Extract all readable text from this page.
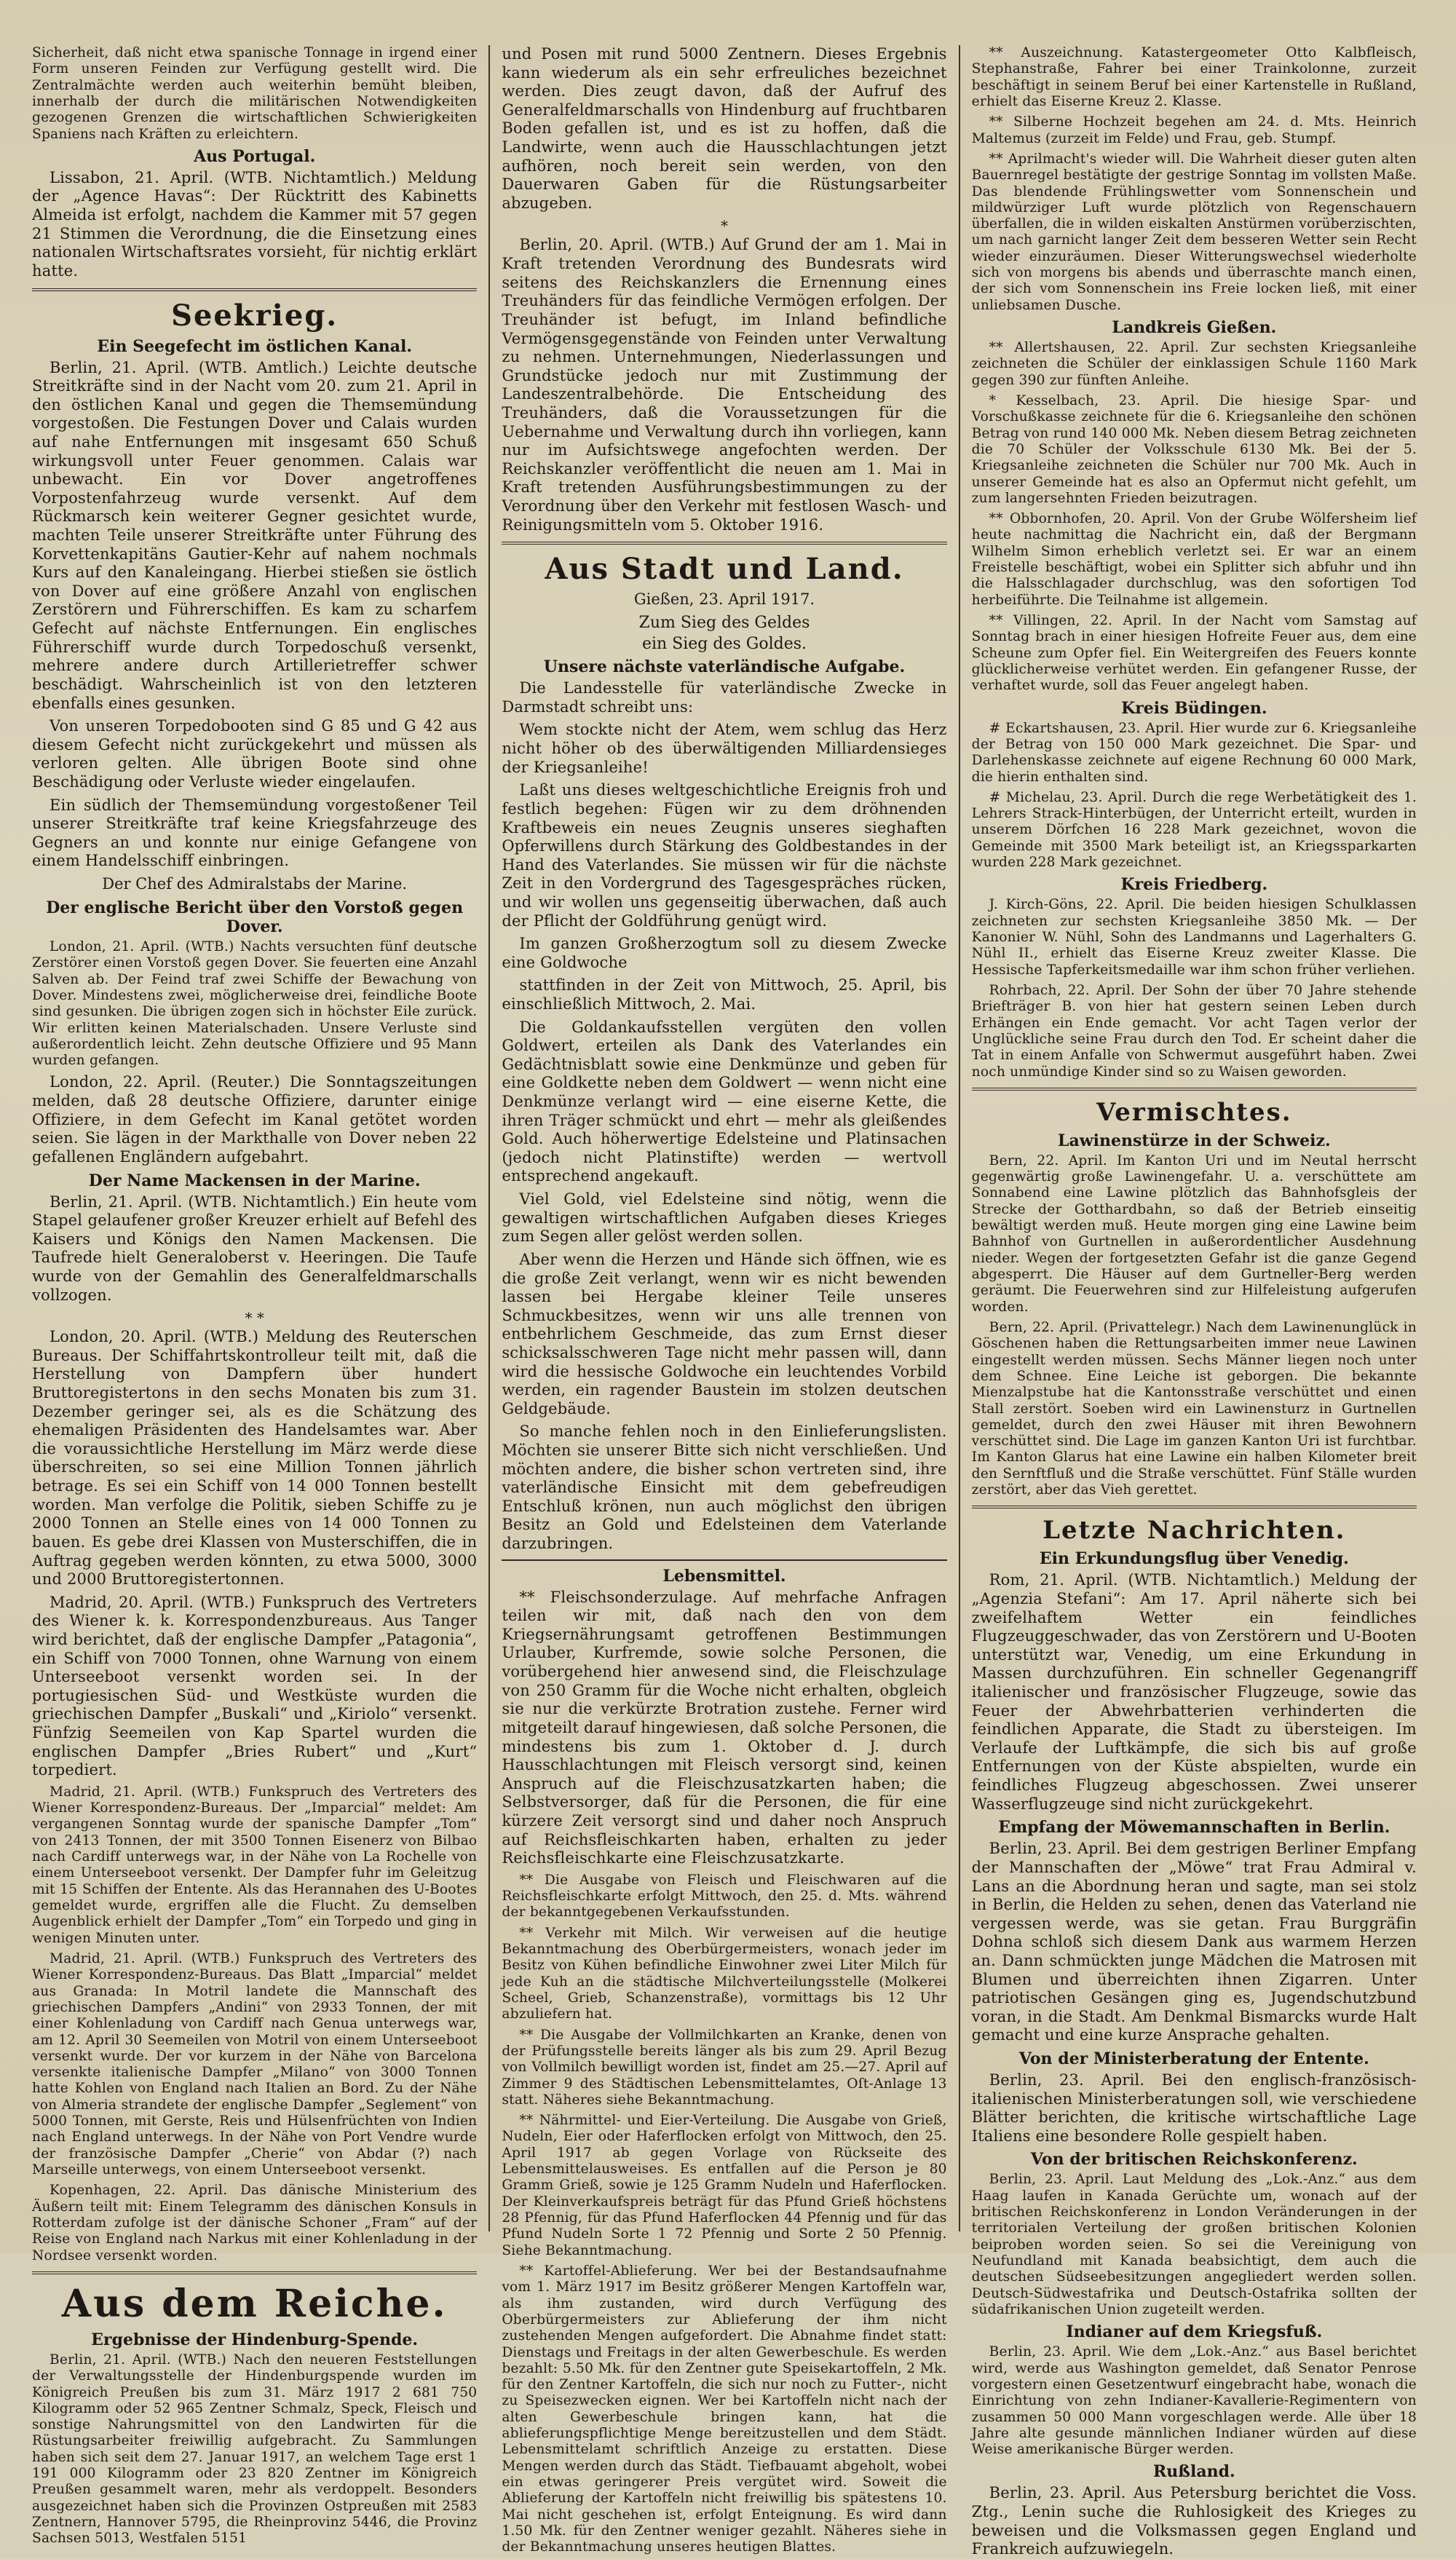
Sicherheit, daß nicht etwa spanische Tonnage in irgend einer Form unseren Feinden zur Verfügung gestellt wird. Die Zentralmächte werden auch weiterhin bemüht bleiben, innerhalb der durch die militärischen Notwendigkeiten gezogenen Grenzen die wirtschaftlichen Schwierigkeiten Spaniens nach Kräften zu erleichtern.

Aus Portugal.

Lissabon, 21. April. (WTB. Nichtamtlich.) Meldung der „Agence Havas“: Der Rücktritt des Kabinetts Almeida ist erfolgt, nachdem die Kammer mit 57 gegen 21 Stimmen die Verordnung, die die Einsetzung eines nationalen Wirtschaftsrates vorsieht, für nichtig erklärt hatte.

Seekrieg.
Ein Seegefecht im östlichen Kanal.

Berlin, 21. April. (WTB. Amtlich.) Leichte deutsche Streitkräfte sind in der Nacht vom 20. zum 21. April in den östlichen Kanal und gegen die Themsemündung vorgestoßen. Die Festungen Dover und Calais wurden auf nahe Entfernungen mit insgesamt 650 Schuß wirkungsvoll unter Feuer genommen. Calais war unbewacht. Ein vor Dover angetroffenes Vorpostenfahrzeug wurde versenkt. Auf dem Rückmarsch kein weiterer Gegner gesichtet wurde, machten Teile unserer Streitkräfte unter Führung des Korvettenkapitäns Gautier-Kehr auf nahem nochmals Kurs auf den Kanaleingang. Hierbei stießen sie östlich von Dover auf eine größere Anzahl von englischen Zerstörern und Führerschiffen. Es kam zu scharfem Gefecht auf nächste Entfernungen. Ein englisches Führerschiff wurde durch Torpedoschuß versenkt, mehrere andere durch Artillerietreffer schwer beschädigt. Wahrscheinlich ist von den letzteren ebenfalls eines gesunken.

Von unseren Torpedobooten sind G 85 und G 42 aus diesem Gefecht nicht zurückgekehrt und müssen als verloren gelten. Alle übrigen Boote sind ohne Beschädigung oder Verluste wieder eingelaufen.

Ein südlich der Themsemündung vorgestoßener Teil unserer Streitkräfte traf keine Kriegsfahrzeuge des Gegners an und konnte nur einige Gefangene von einem Handelsschiff einbringen.

Der Chef des Admiralstabs der Marine.
Der englische Bericht über den Vorstoß gegen Dover.

London, 21. April. (WTB.) Nachts versuchten fünf deutsche Zerstörer einen Vorstoß gegen Dover. Sie feuerten eine Anzahl Salven ab. Der Feind traf zwei Schiffe der Bewachung von Dover. Mindestens zwei, möglicherweise drei, feindliche Boote sind gesunken. Die übrigen zogen sich in höchster Eile zurück. Wir erlitten keinen Materialschaden. Unsere Verluste sind außerordentlich leicht. Zehn deutsche Offiziere und 95 Mann wurden gefangen.

London, 22. April. (Reuter.) Die Sonntagszeitungen melden, daß 28 deutsche Offiziere, darunter einige Offiziere, in dem Gefecht im Kanal getötet worden seien. Sie lägen in der Markthalle von Dover neben 22 gefallenen Engländern aufgebahrt.

Der Name Mackensen in der Marine.

Berlin, 21. April. (WTB. Nichtamtlich.) Ein heute vom Stapel gelaufener großer Kreuzer erhielt auf Befehl des Kaisers und Königs den Namen Mackensen. Die Taufrede hielt Generaloberst v. Heeringen. Die Taufe wurde von der Gemahlin des Generalfeldmarschalls vollzogen.

* *

London, 20. April. (WTB.) Meldung des Reuterschen Bureaus. Der Schiffahrtskontrolleur teilt mit, daß die Herstellung von Dampfern über hundert Bruttoregistertons in den sechs Monaten bis zum 31. Dezember geringer sei, als es die Schätzung des ehemaligen Präsidenten des Handelsamtes war. Aber die voraussichtliche Herstellung im März werde diese überschreiten, so sei eine Million Tonnen jährlich betrage. Es sei ein Schiff von 14 000 Tonnen bestellt worden. Man verfolge die Politik, sieben Schiffe zu je 2000 Tonnen an Stelle eines von 14 000 Tonnen zu bauen. Es gebe drei Klassen von Musterschiffen, die in Auftrag gegeben werden könnten, zu etwa 5000, 3000 und 2000 Bruttoregistertonnen.

Madrid, 20. April. (WTB.) Funkspruch des Vertreters des Wiener k. k. Korrespondenzbureaus. Aus Tanger wird berichtet, daß der englische Dampfer „Patagonia“, ein Schiff von 7000 Tonnen, ohne Warnung von einem Unterseeboot versenkt worden sei. In der portugiesischen Süd- und Westküste wurden die griechischen Dampfer „Buskali“ und „Kiriolo“ versenkt. Fünfzig Seemeilen von Kap Spartel wurden die englischen Dampfer „Bries Rubert“ und „Kurt“ torpediert.

Madrid, 21. April. (WTB.) Funkspruch des Vertreters des Wiener Korrespondenz-Bureaus. Der „Imparcial“ meldet: Am vergangenen Sonntag wurde der spanische Dampfer „Tom“ von 2413 Tonnen, der mit 3500 Tonnen Eisenerz von Bilbao nach Cardiff unterwegs war, in der Nähe von La Rochelle von einem Unterseeboot versenkt. Der Dampfer fuhr im Geleitzug mit 15 Schiffen der Entente. Als das Herannahen des U-Bootes gemeldet wurde, ergriffen alle die Flucht. Zu demselben Augenblick erhielt der Dampfer „Tom“ ein Torpedo und ging in wenigen Minuten unter.

Madrid, 21. April. (WTB.) Funkspruch des Vertreters des Wiener Korrespondenz-Bureaus. Das Blatt „Imparcial“ meldet aus Granada: In Motril landete die Mannschaft des griechischen Dampfers „Andini“ von 2933 Tonnen, der mit einer Kohlenladung von Cardiff nach Genua unterwegs war, am 12. April 30 Seemeilen von Motril von einem Unterseeboot versenkt wurde. Der vor kurzem in der Nähe von Barcelona versenkte italienische Dampfer „Milano“ von 3000 Tonnen hatte Kohlen von England nach Italien an Bord. Zu der Nähe von Almeria strandete der englische Dampfer „Seglement“ von 5000 Tonnen, mit Gerste, Reis und Hülsenfrüchten von Indien nach England unterwegs. In der Nähe von Port Vendre wurde der französische Dampfer „Cherie“ von Abdar (?) nach Marseille unterwegs, von einem Unterseeboot versenkt.

Kopenhagen, 22. April. Das dänische Ministerium des Äußern teilt mit: Einem Telegramm des dänischen Konsuls in Rotterdam zufolge ist der dänische Schoner „Fram“ auf der Reise von England nach Narkus mit einer Kohlenladung in der Nordsee versenkt worden.

Aus dem Reiche.
Ergebnisse der Hindenburg-Spende.

Berlin, 21. April. (WTB.) Nach den neueren Feststellungen der Verwaltungsstelle der Hindenburgspende wurden im Königreich Preußen bis zum 31. März 1917 2 681 750 Kilogramm oder 52 965 Zentner Schmalz, Speck, Fleisch und sonstige Nahrungsmittel von den Landwirten für die Rüstungsarbeiter freiwillig aufgebracht. Zu Sammlungen haben sich seit dem 27. Januar 1917, an welchem Tage erst 1 191 000 Kilogramm oder 23 820 Zentner im Königreich Preußen gesammelt waren, mehr als verdoppelt. Besonders ausgezeichnet haben sich die Provinzen Ostpreußen mit 2583 Zentnern, Hannover 5795, die Rheinprovinz 5446, die Provinz Sachsen 5013, Westfalen 5151

und Posen mit rund 5000 Zentnern. Dieses Ergebnis kann wiederum als ein sehr erfreuliches bezeichnet werden. Dies zeugt davon, daß der Aufruf des Generalfeldmarschalls von Hindenburg auf fruchtbaren Boden gefallen ist, und es ist zu hoffen, daß die Landwirte, wenn auch die Hausschlachtungen jetzt aufhören, noch bereit sein werden, von den Dauerwaren Gaben für die Rüstungsarbeiter abzugeben.

*

Berlin, 20. April. (WTB.) Auf Grund der am 1. Mai in Kraft tretenden Verordnung des Bundesrats wird seitens des Reichskanzlers die Ernennung eines Treuhänders für das feindliche Vermögen erfolgen. Der Treuhänder ist befugt, im Inland befindliche Vermögensgegenstände von Feinden unter Verwaltung zu nehmen. Unternehmungen, Niederlassungen und Grundstücke jedoch nur mit Zustimmung der Landeszentralbehörde. Die Entscheidung des Treuhänders, daß die Voraussetzungen für die Uebernahme und Verwaltung durch ihn vorliegen, kann nur im Aufsichtswege angefochten werden. Der Reichskanzler veröffentlicht die neuen am 1. Mai in Kraft tretenden Ausführungsbestimmungen zu der Verordnung über den Verkehr mit festlosen Wasch- und Reinigungsmitteln vom 5. Oktober 1916.

Aus Stadt und Land.
Gießen, 23. April 1917.
Zum Sieg des Geldes
ein Sieg des Goldes.
Unsere nächste vaterländische Aufgabe.

Die Landesstelle für vaterländische Zwecke in Darmstadt schreibt uns:

Wem stockte nicht der Atem, wem schlug das Herz nicht höher ob des überwältigenden Milliardensieges der Kriegsanleihe!

Laßt uns dieses weltgeschichtliche Ereignis froh und festlich begehen: Fügen wir zu dem dröhnenden Kraftbeweis ein neues Zeugnis unseres sieghaften Opferwillens durch Stärkung des Goldbestandes in der Hand des Vaterlandes. Sie müssen wir für die nächste Zeit in den Vordergrund des Tagesgespräches rücken, und wir wollen uns gegenseitig überwachen, daß auch der Pflicht der Goldführung genügt wird.

Im ganzen Großherzogtum soll zu diesem Zwecke eine Goldwoche

stattfinden in der Zeit von Mittwoch, 25. April, bis einschließlich Mittwoch, 2. Mai.

Die Goldankaufsstellen vergüten den vollen Goldwert, erteilen als Dank des Vaterlandes ein Gedächtnisblatt sowie eine Denkmünze und geben für eine Goldkette neben dem Goldwert — wenn nicht eine Denkmünze verlangt wird — eine eiserne Kette, die ihren Träger schmückt und ehrt — mehr als gleißendes Gold. Auch höherwertige Edelsteine und Platinsachen (jedoch nicht Platinstifte) werden — wertvoll entsprechend angekauft.

Viel Gold, viel Edelsteine sind nötig, wenn die gewaltigen wirtschaftlichen Aufgaben dieses Krieges zum Segen aller gelöst werden sollen.

Aber wenn die Herzen und Hände sich öffnen, wie es die große Zeit verlangt, wenn wir es nicht bewenden lassen bei Hergabe kleiner Teile unseres Schmuckbesitzes, wenn wir uns alle trennen von entbehrlichem Geschmeide, das zum Ernst dieser schicksalsschweren Tage nicht mehr passen will, dann wird die hessische Goldwoche ein leuchtendes Vorbild werden, ein ragender Baustein im stolzen deutschen Geldgebäude.

So manche fehlen noch in den Einlieferungslisten. Möchten sie unserer Bitte sich nicht verschließen. Und möchten andere, die bisher schon vertreten sind, ihre vaterländische Einsicht mit dem gebefreudigen Entschluß krönen, nun auch möglichst den übrigen Besitz an Gold und Edelsteinen dem Vaterlande darzubringen.

Lebensmittel.

** Fleischsonderzulage. Auf mehrfache Anfragen teilen wir mit, daß nach den von dem Kriegsernährungsamt getroffenen Bestimmungen Urlauber, Kurfremde, sowie solche Personen, die vorübergehend hier anwesend sind, die Fleischzulage von 250 Gramm für die Woche nicht erhalten, obgleich sie nur die verkürzte Brotration zustehe. Ferner wird mitgeteilt darauf hingewiesen, daß solche Personen, die mindestens bis zum 1. Oktober d. J. durch Hausschlachtungen mit Fleisch versorgt sind, keinen Anspruch auf die Fleischzusatzkarten haben; die Selbstversorger, daß für die Personen, die für eine kürzere Zeit versorgt sind und daher noch Anspruch auf Reichsfleischkarten haben, erhalten zu jeder Reichsfleischkarte eine Fleischzusatzkarte.

** Die Ausgabe von Fleisch und Fleischwaren auf die Reichsfleischkarte erfolgt Mittwoch, den 25. d. Mts. während der bekanntgegebenen Verkaufsstunden.

** Verkehr mit Milch. Wir verweisen auf die heutige Bekanntmachung des Oberbürgermeisters, wonach jeder im Besitz von Kühen befindliche Einwohner zwei Liter Milch für jede Kuh an die städtische Milchverteilungsstelle (Molkerei Scheel, Grieb, Schanzenstraße), vormittags bis 12 Uhr abzuliefern hat.

** Die Ausgabe der Vollmilchkarten an Kranke, denen von der Prüfungsstelle bereits länger als bis zum 29. April Bezug von Vollmilch bewilligt worden ist, findet am 25.—27. April auf Zimmer 9 des Städtischen Lebensmittelamtes, Oſt-Anlage 13 statt. Näheres siehe Bekanntmachung.

** Nährmittel- und Eier-Verteilung. Die Ausgabe von Grieß, Nudeln, Eier oder Haferflocken erfolgt von Mittwoch, den 25. April 1917 ab gegen Vorlage von Rückseite des Lebensmittelausweises. Es entfallen auf die Person je 80 Gramm Grieß, sowie je 125 Gramm Nudeln und Haferflocken. Der Kleinverkaufspreis beträgt für das Pfund Grieß höchstens 28 Pfennig, für das Pfund Haferflocken 44 Pfennig und für das Pfund Nudeln Sorte 1 72 Pfennig und Sorte 2 50 Pfennig. Siehe Bekanntmachung.

** Kartoffel-Ablieferung. Wer bei der Bestandsaufnahme vom 1. März 1917 im Besitz größerer Mengen Kartoffeln war, als ihm zustanden, wird durch Verfügung des Oberbürgermeisters zur Ablieferung der ihm nicht zustehenden Mengen aufgefordert. Die Abnahme findet statt: Dienstags und Freitags in der alten Gewerbeschule. Es werden bezahlt: 5.50 Mk. für den Zentner gute Speisekartoffeln, 2 Mk. für den Zentner Kartoffeln, die sich nur noch zu Futter-, nicht zu Speisezwecken eignen. Wer bei Kartoffeln nicht nach der alten Gewerbeschule bringen kann, hat die ablieferungspflichtige Menge bereitzustellen und dem Städt. Lebensmittelamt schriftlich Anzeige zu erstatten. Diese Mengen werden durch das Städt. Tiefbauamt abgeholt, wobei ein etwas geringerer Preis vergütet wird. Soweit die Ablieferung der Kartoffeln nicht freiwillig bis spätestens 10. Mai nicht geschehen ist, erfolgt Enteignung. Es wird dann 1.50 Mk. für den Zentner weniger gezahlt. Näheres siehe in der Bekanntmachung unseres heutigen Blattes.

** Auszeichnung. Katastergeometer Otto Kalbfleisch, Stephanstraße, Fahrer bei einer Trainkolonne, zurzeit beschäftigt in seinem Beruf bei einer Kartenstelle in Rußland, erhielt das Eiserne Kreuz 2. Klasse.

** Silberne Hochzeit begehen am 24. d. Mts. Heinrich Maltemus (zurzeit im Felde) und Frau, geb. Stumpf.

** Aprilmacht's wieder will. Die Wahrheit dieser guten alten Bauernregel bestätigte der gestrige Sonntag im vollsten Maße. Das blendende Frühlingswetter vom Sonnenschein und mildwürziger Luft wurde plötzlich von Regenschauern überfallen, die in wilden eiskalten Anstürmen vorüberzischten, um nach garnicht langer Zeit dem besseren Wetter sein Recht wieder einzuräumen. Dieser Witterungswechsel wiederholte sich von morgens bis abends und überraschte manch einen, der sich vom Sonnenschein ins Freie locken ließ, mit einer unliebsamen Dusche.

Landkreis Gießen.

** Allertshausen, 22. April. Zur sechsten Kriegsanleihe zeichneten die Schüler der einklassigen Schule 1160 Mark gegen 390 zur fünften Anleihe.

* Kesselbach, 23. April. Die hiesige Spar- und Vorschußkasse zeichnete für die 6. Kriegsanleihe den schönen Betrag von rund 140 000 Mk. Neben diesem Betrag zeichneten die 70 Schüler der Volksschule 6130 Mk. Bei der 5. Kriegsanleihe zeichneten die Schüler nur 700 Mk. Auch in unserer Gemeinde hat es also an Opfermut nicht gefehlt, um zum langersehnten Frieden beizutragen.

** Obbornhofen, 20. April. Von der Grube Wölfersheim lief heute nachmittag die Nachricht ein, daß der Bergmann Wilhelm Simon erheblich verletzt sei. Er war an einem Freistelle beschäftigt, wobei ein Splitter sich abfuhr und ihn die Halsschlagader durchschlug, was den sofortigen Tod herbeiführte. Die Teilnahme ist allgemein.

** Villingen, 22. April. In der Nacht vom Samstag auf Sonntag brach in einer hiesigen Hofreite Feuer aus, dem eine Scheune zum Opfer fiel. Ein Weitergreifen des Feuers konnte glücklicherweise verhütet werden. Ein gefangener Russe, der verhaftet wurde, soll das Feuer angelegt haben.

Kreis Büdingen.

# Eckartshausen, 23. April. Hier wurde zur 6. Kriegsanleihe der Betrag von 150 000 Mark gezeichnet. Die Spar- und Darlehenskasse zeichnete auf eigene Rechnung 60 000 Mark, die hierin enthalten sind.

# Michelau, 23. April. Durch die rege Werbetätigkeit des 1. Lehrers Strack-Hinterbügen, der Unterricht erteilt, wurden in unserem Dörfchen 16 228 Mark gezeichnet, wovon die Gemeinde mit 3500 Mark beteiligt ist, an Kriegssparkarten wurden 228 Mark gezeichnet.

Kreis Friedberg.

J. Kirch-Göns, 22. April. Die beiden hiesigen Schulklassen zeichneten zur sechsten Kriegsanleihe 3850 Mk. — Der Kanonier W. Nühl, Sohn des Landmanns und Lagerhalters G. Nühl II., erhielt das Eiserne Kreuz zweiter Klasse. Die Hessische Tapferkeitsmedaille war ihm schon früher verliehen.

Rohrbach, 22. April. Der Sohn der über 70 Jahre stehende Briefträger B. von hier hat gestern seinen Leben durch Erhängen ein Ende gemacht. Vor acht Tagen verlor der Unglückliche seine Frau durch den Tod. Er scheint daher die Tat in einem Anfalle von Schwermut ausgeführt haben. Zwei noch unmündige Kinder sind so zu Waisen geworden.

Vermischtes.
Lawinenstürze in der Schweiz.

Bern, 22. April. Im Kanton Uri und im Neutal herrscht gegenwärtig große Lawinengefahr. U. a. verschüttete am Sonnabend eine Lawine plötzlich das Bahnhofsgleis der Strecke der Gotthardbahn, so daß der Betrieb einseitig bewältigt werden muß. Heute morgen ging eine Lawine beim Bahnhof von Gurtnellen in außerordentlicher Ausdehnung nieder. Wegen der fortgesetzten Gefahr ist die ganze Gegend abgesperrt. Die Häuser auf dem Gurtneller-Berg werden geräumt. Die Feuerwehren sind zur Hilfeleistung aufgerufen worden.

Bern, 22. April. (Privattelegr.) Nach dem Lawinenunglück in Göschenen haben die Rettungsarbeiten immer neue Lawinen eingestellt werden müssen. Sechs Männer liegen noch unter dem Schnee. Eine Leiche ist geborgen. Die bekannte Mienzalpstube hat die Kantonsstraße verschüttet und einen Stall zerstört. Soeben wird ein Lawinensturz in Gurtnellen gemeldet, durch den zwei Häuser mit ihren Bewohnern verschüttet sind. Die Lage im ganzen Kanton Uri ist furchtbar. Im Kanton Glarus hat eine Lawine ein halben Kilometer breit den Sernftfluß und die Straße verschüttet. Fünf Ställe wurden zerstört, aber das Vieh gerettet.

Letzte Nachrichten.
Ein Erkundungsflug über Venedig.

Rom, 21. April. (WTB. Nichtamtlich.) Meldung der „Agenzia Stefani“: Am 17. April näherte sich bei zweifelhaftem Wetter ein feindliches Flugzeuggeschwader, das von Zerstörern und U-Booten unterstützt war, Venedig, um eine Erkundung in Massen durchzuführen. Ein schneller Gegenangriff italienischer und französischer Flugzeuge, sowie das Feuer der Abwehrbatterien verhinderten die feindlichen Apparate, die Stadt zu übersteigen. Im Verlaufe der Luftkämpfe, die sich bis auf große Entfernungen von der Küste abspielten, wurde ein feindliches Flugzeug abgeschossen. Zwei unserer Wasserflugzeuge sind nicht zurückgekehrt.

Empfang der Möwemannschaften in Berlin.

Berlin, 23. April. Bei dem gestrigen Berliner Empfang der Mannschaften der „Möwe“ trat Frau Admiral v. Lans an die Abordnung heran und sagte, man sei stolz in Berlin, die Helden zu sehen, denen das Vaterland nie vergessen werde, was sie getan. Frau Burggräfin Dohna schloß sich diesem Dank aus warmem Herzen an. Dann schmückten junge Mädchen die Matrosen mit Blumen und überreichten ihnen Zigarren. Unter patriotischen Gesängen ging es, Jugendschutzbund voran, in die Stadt. Am Denkmal Bismarcks wurde Halt gemacht und eine kurze Ansprache gehalten.

Von der Ministerberatung der Entente.

Berlin, 23. April. Bei den englisch-französisch-italienischen Ministerberatungen soll, wie verschiedene Blätter berichten, die kritische wirtschaftliche Lage Italiens eine besondere Rolle gespielt haben.

Von der britischen Reichskonferenz.

Berlin, 23. April. Laut Meldung des „Lok.-Anz.“ aus dem Haag laufen in Kanada Gerüchte um, wonach auf der britischen Reichskonferenz in London Veränderungen in der territorialen Verteilung der großen britischen Kolonien beiproben worden seien. So sei die Vereinigung von Neufundland mit Kanada beabsichtigt, dem auch die deutschen Südseebesitzungen angegliedert werden sollen. Deutsch-Südwestafrika und Deutsch-Ostafrika sollten der südafrikanischen Union zugeteilt werden.

Indianer auf dem Kriegsfuß.

Berlin, 23. April. Wie dem „Lok.-Anz.“ aus Basel berichtet wird, werde aus Washington gemeldet, daß Senator Penrose vorgestern einen Gesetzentwurf eingebracht habe, wonach die Einrichtung von zehn Indianer-Kavallerie-Regimentern von zusammen 50 000 Mann vorgeschlagen werde. Alle über 18 Jahre alte gesunde männlichen Indianer würden auf diese Weise amerikanische Bürger werden.

Rußland.

Berlin, 23. April. Aus Petersburg berichtet die Voss. Ztg., Lenin suche die Ruhlosigkeit des Krieges zu beweisen und die Volksmassen gegen England und Frankreich aufzuwiegeln.
